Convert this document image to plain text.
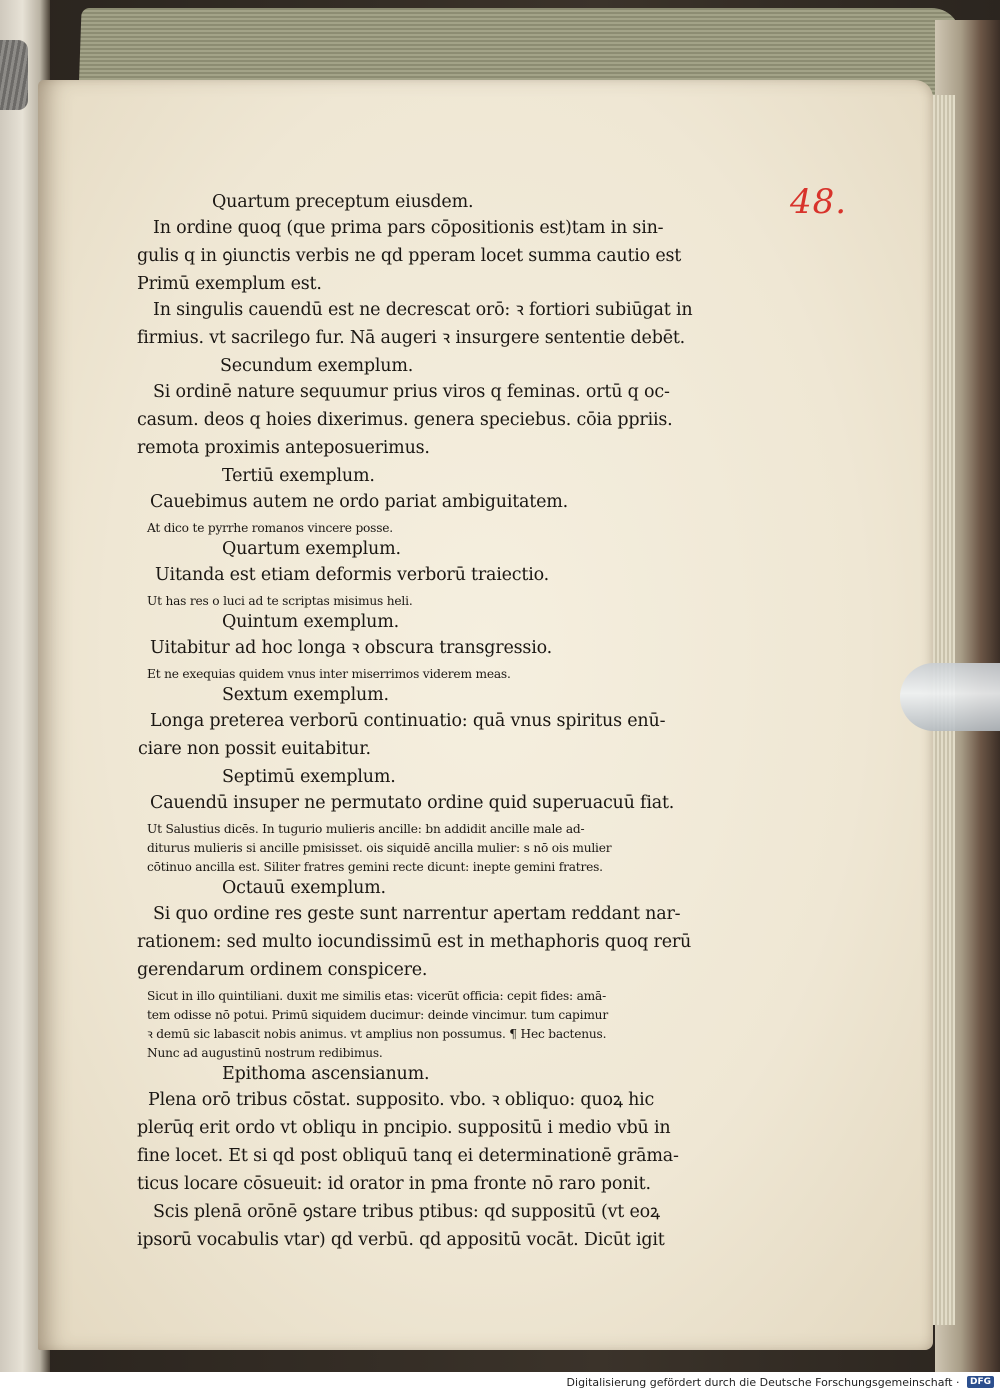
48.
Quartum preceptum eiusdem.
In ordine quoq (que prima pars cōpositionis est)tam in sin-
gulis q in ꝯiunctis verbis ne qd pperam locet summa cautio est
Primū exemplum est.
In singulis cauendū est ne decrescat orō: ꝛ fortiori subiūgat in
firmius. vt sacrilego fur. Nā augeri ꝛ insurgere sententie debēt.
Secundum exemplum.
Si ordinē nature sequumur prius viros q feminas. ortū q oc-
casum. deos q hoies dixerimus. genera speciebus. cōia ppriis.
remota proximis anteposuerimus.
Tertiū exemplum.
Cauebimus autem ne ordo pariat ambiguitatem.
At dico te pyrrhe romanos vincere posse.
Quartum exemplum.
Uitanda est etiam deformis verborū traiectio.
Ut has res o luci ad te scriptas misimus heli.
Quintum exemplum.
Uitabitur ad hoc longa ꝛ obscura transgressio.
Et ne exequias quidem vnus inter miserrimos viderem meas.
Sextum exemplum.
Longa preterea verborū continuatio: quā vnus spiritus enū-
ciare non possit euitabitur.
Septimū exemplum.
Cauendū insuper ne permutato ordine quid superuacuū fiat.
Ut Salustius dicēs. In tugurio mulieris ancille: bn addidit ancille male ad-
diturus mulieris si ancille pmisisset. ois siquidē ancilla mulier: s nō ois mulier
cōtinuo ancilla est. Siliter fratres gemini recte dicunt: inepte gemini fratres.
Octauū exemplum.
Si quo ordine res geste sunt narrentur apertam reddant nar-
rationem: sed multo iocundissimū est in methaphoris quoq rerū
gerendarum ordinem conspicere.
Sicut in illo quintiliani. duxit me similis etas: vicerūt officia: cepit fides: amā-
tem odisse nō potui. Primū siquidem ducimur: deinde vincimur. tum capimur
ꝛ demū sic labascit nobis animus. vt amplius non possumus. ¶ Hec bactenus.
Nunc ad augustinū nostrum redibimus.
Epithoma ascensianum.
Plena orō tribus cōstat. supposito. vbo. ꝛ obliquo: quoꝝ hic
plerūq erit ordo vt obliqu in pncipio. suppositū i medio vbū in
fine locet. Et si qd post obliquū tanq ei determinationē grāma-
ticus locare cōsueuit: id orator in pma fronte nō raro ponit.
Scis plenā orōnē ꝯstare tribus ptibus: qd suppositū (vt eoꝝ
ipsorū vocabulis vtar) qd verbū. qd appositū vocāt. Dicūt igit
Digitalisierung gefördert durch die Deutsche Forschungsgemeinschaft · DFG
